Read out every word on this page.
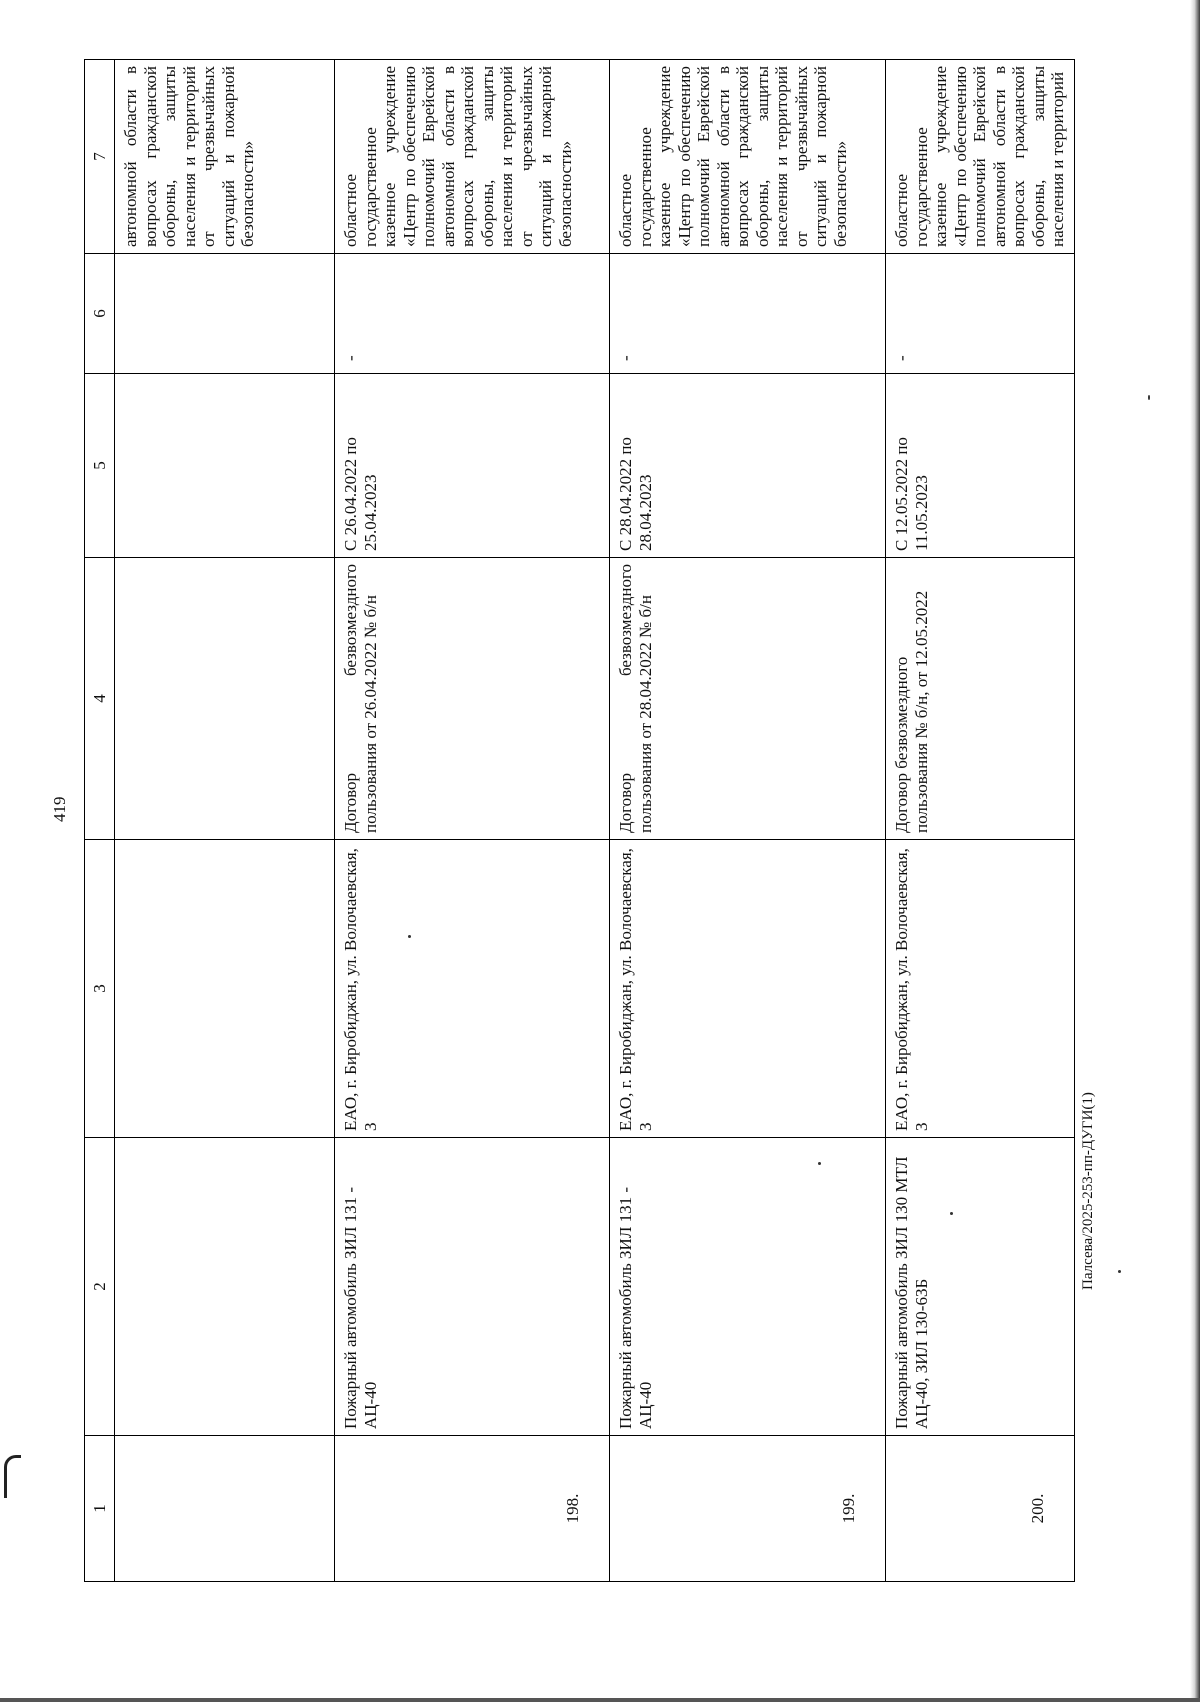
419
Палсева/2025-253-пп-ДУГИ(1)
1	2	3	4	5	6	7
						автономной области в вопросах гражданской обороны, защиты населения и территорий от чрезвычайных ситуаций и пожарной безопасности»
198.	Пожарный автомобиль ЗИЛ 131 - АЦ-40	ЕАО, г. Биробиджан, ул. Волочаевская, 3	Договор безвозмездного пользования от 26.04.2022 № б/н	С 26.04.2022 по 25.04.2023	-	областное государственное казенное учреждение «Центр по обеспечению полномочий Еврейской автономной области в вопросах гражданской обороны, защиты населения и территорий от чрезвычайных ситуаций и пожарной безопасности»
199.	Пожарный автомобиль ЗИЛ 131 - АЦ-40	ЕАО, г. Биробиджан, ул. Волочаевская, 3	Договор безвозмездного пользования от 28.04.2022 № б/н	С 28.04.2022 по 28.04.2023	-	областное государственное казенное учреждение «Центр по обеспечению полномочий Еврейской автономной области в вопросах гражданской обороны, защиты населения и территорий от чрезвычайных ситуаций и пожарной безопасности»
200.	Пожарный автомобиль ЗИЛ 130 МТЛ АЦ-40, ЗИЛ 130-63Б	ЕАО, г. Биробиджан, ул. Волочаевская, 3	Договор безвозмездного пользования № б/н, от 12.05.2022	С 12.05.2022 по 11.05.2023	-	областное государственное казенное учреждение «Центр по обеспечению полномочий Еврейской автономной области в вопросах гражданской обороны, защиты населения и территорий
